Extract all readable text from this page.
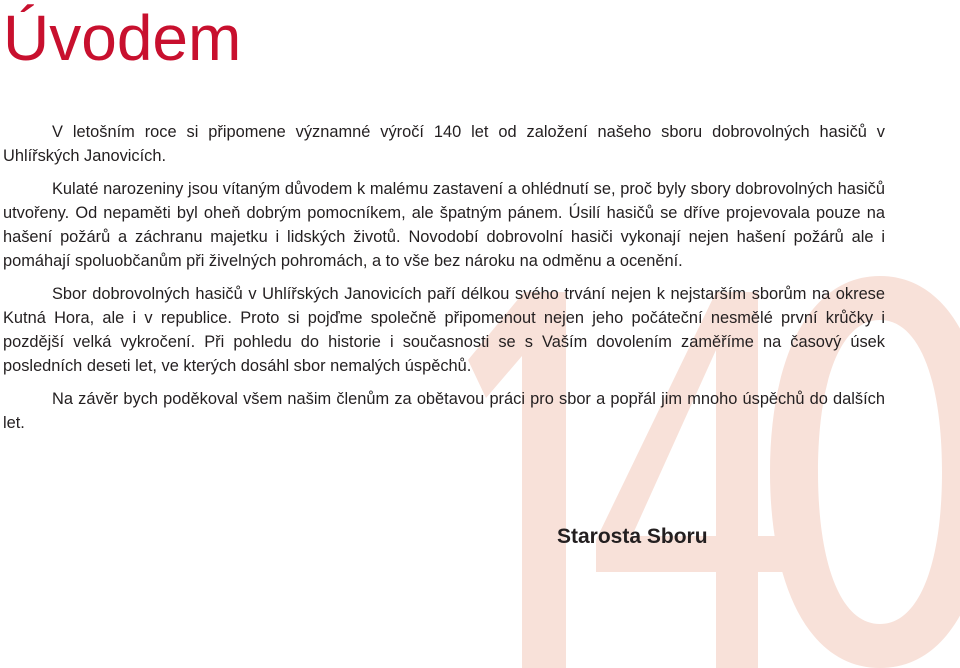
Úvodem

V letošním roce si připomene významné výročí 140 let od založení našeho sboru dobrovolných hasičů v Uhlířských Janovicích.

Kulaté narozeniny jsou vítaným důvodem k malému zastavení a ohlédnutí se, proč byly sbory dobrovolných hasičů utvořeny. Od nepaměti byl oheň dobrým pomocníkem, ale špatným pánem. Úsilí hasičů se dříve projevovala pouze na hašení požárů a záchranu majetku i lidských životů. Novodobí dobrovolní hasiči vykonají nejen hašení požárů ale i pomáhají spoluobčanům při živelných pohromách, a to vše bez nároku na odměnu a ocenění.

Sbor dobrovolných hasičů v Uhlířských Janovicích paří délkou svého trvání nejen k nejstarším sborům na okrese Kutná Hora, ale i v republice. Proto si pojďme společně připomenout nejen jeho počáteční nesmělé první krůčky i pozdější velká vykročení. Při pohledu do historie i současnosti se s Vaším dovolením zaměříme na časový úsek posledních deseti let, ve kterých dosáhl sbor nemalých úspěchů.

Na závěr bych poděkoval všem našim členům za obětavou práci pro sbor a popřál jim mnoho úspěchů do dalších let.

Starosta Sboru
